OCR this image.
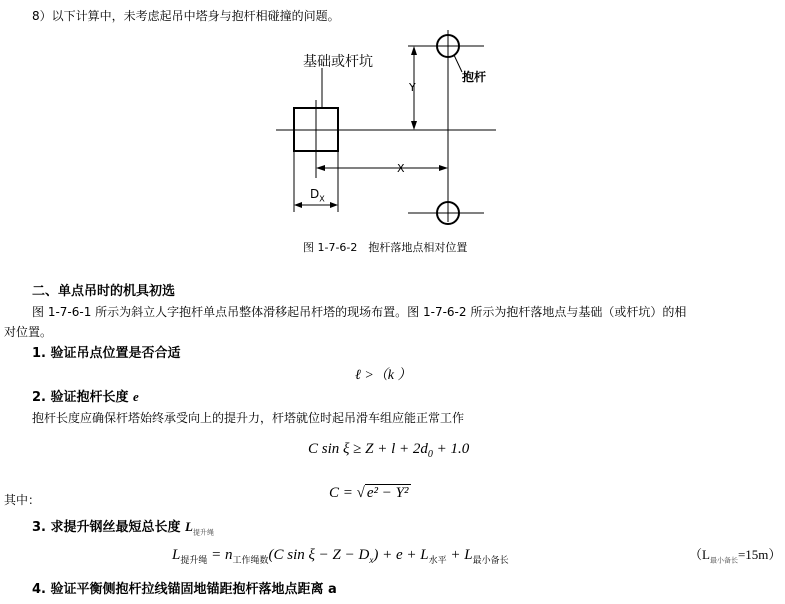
8）以下计算中，未考虑起吊中塔身与抱杆相碰撞的问题。
基础或杆坑
抱杆
Y
X
$D_X$
图 1-7-6-2　抱杆落地点相对位置
二、单点吊时的机具初选
图 1-7-6-1 所示为斜立人字抱杆单点吊整体滑移起吊杆塔的现场布置。图 1-7-6-2 所示为抱杆落地点与基础（或杆坑）的相
对位置。
1. 验证吊点位置是否合适
ℓ >（k ）
2. 验证抱杆长度 e
抱杆长度应确保杆塔始终承受向上的提升力，杆塔就位时起吊滑车组应能正常工作
C $\sin \xi \ge Z + l + 2d_0 + 1.0$
其中：	C = √ e² − Y²
3. 求提升钢丝最短总长度 $L_{提升绳}$
$L_{提升绳} = n_{工作绳数}(C$ $\sin \xi - Z - D_x) + e + L_{水平} + L_{最小备长}$	$(L_{最小备长}=15m)$
4. 验证平衡侧抱杆拉线锚固地锚距抱杆落地点距离 a
